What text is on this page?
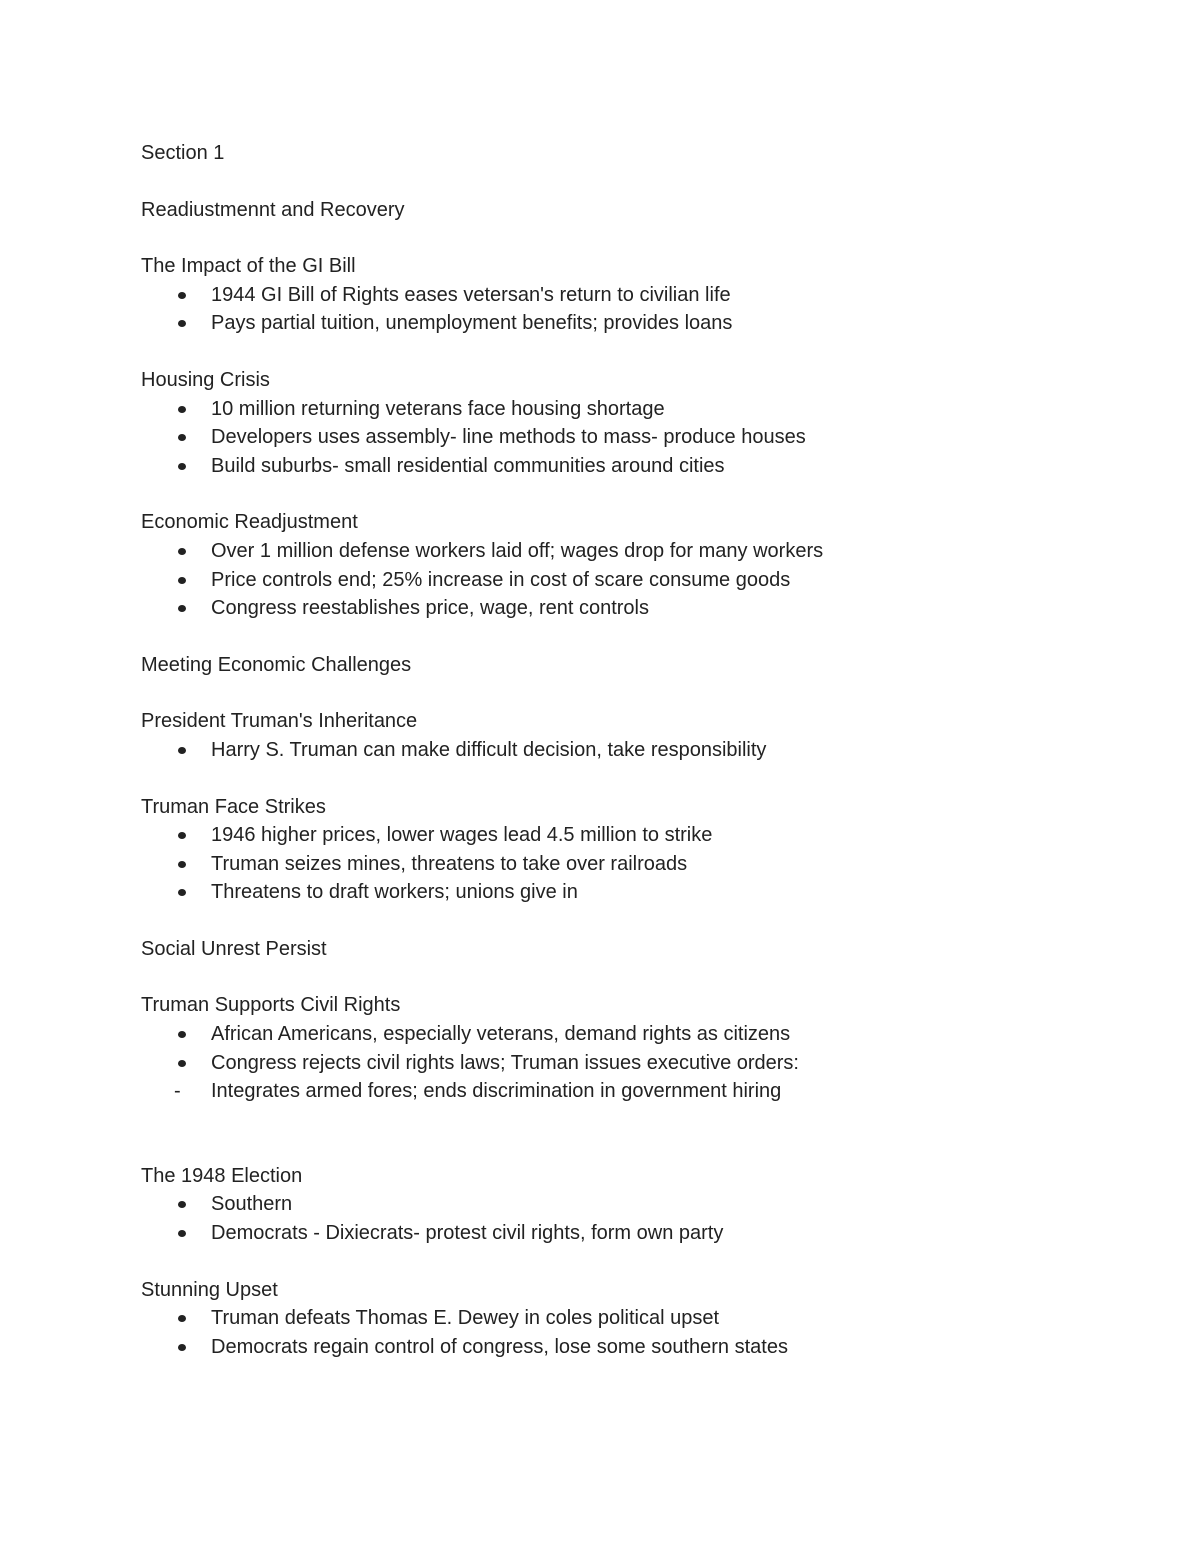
Section 1
Readiustmennt and Recovery
The Impact of the GI Bill
1944 GI Bill of Rights eases vetersan's return to civilian life
Pays partial tuition, unemployment benefits; provides loans
Housing Crisis
10 million returning veterans face housing shortage
Developers uses assembly- line methods to mass- produce houses
Build suburbs- small residential communities around cities
Economic Readjustment
Over 1 million defense workers laid off; wages drop for many workers
Price controls end; 25% increase in cost of scare consume goods
Congress reestablishes price, wage, rent controls
Meeting Economic Challenges
President Truman's Inheritance
Harry S. Truman can make difficult decision, take responsibility
Truman Face Strikes
1946 higher prices, lower wages lead 4.5 million to strike
Truman seizes mines, threatens to take over railroads
Threatens to draft workers; unions give in
Social Unrest Persist
Truman Supports Civil Rights
African Americans, especially veterans, demand rights as citizens
Congress rejects civil rights laws; Truman issues executive orders:
- Integrates armed fores; ends discrimination in government hiring
The 1948 Election
Southern
Democrats - Dixiecrats- protest civil rights, form own party
Stunning Upset
Truman defeats Thomas E. Dewey in coles political upset
Democrats regain control of congress, lose some southern states
